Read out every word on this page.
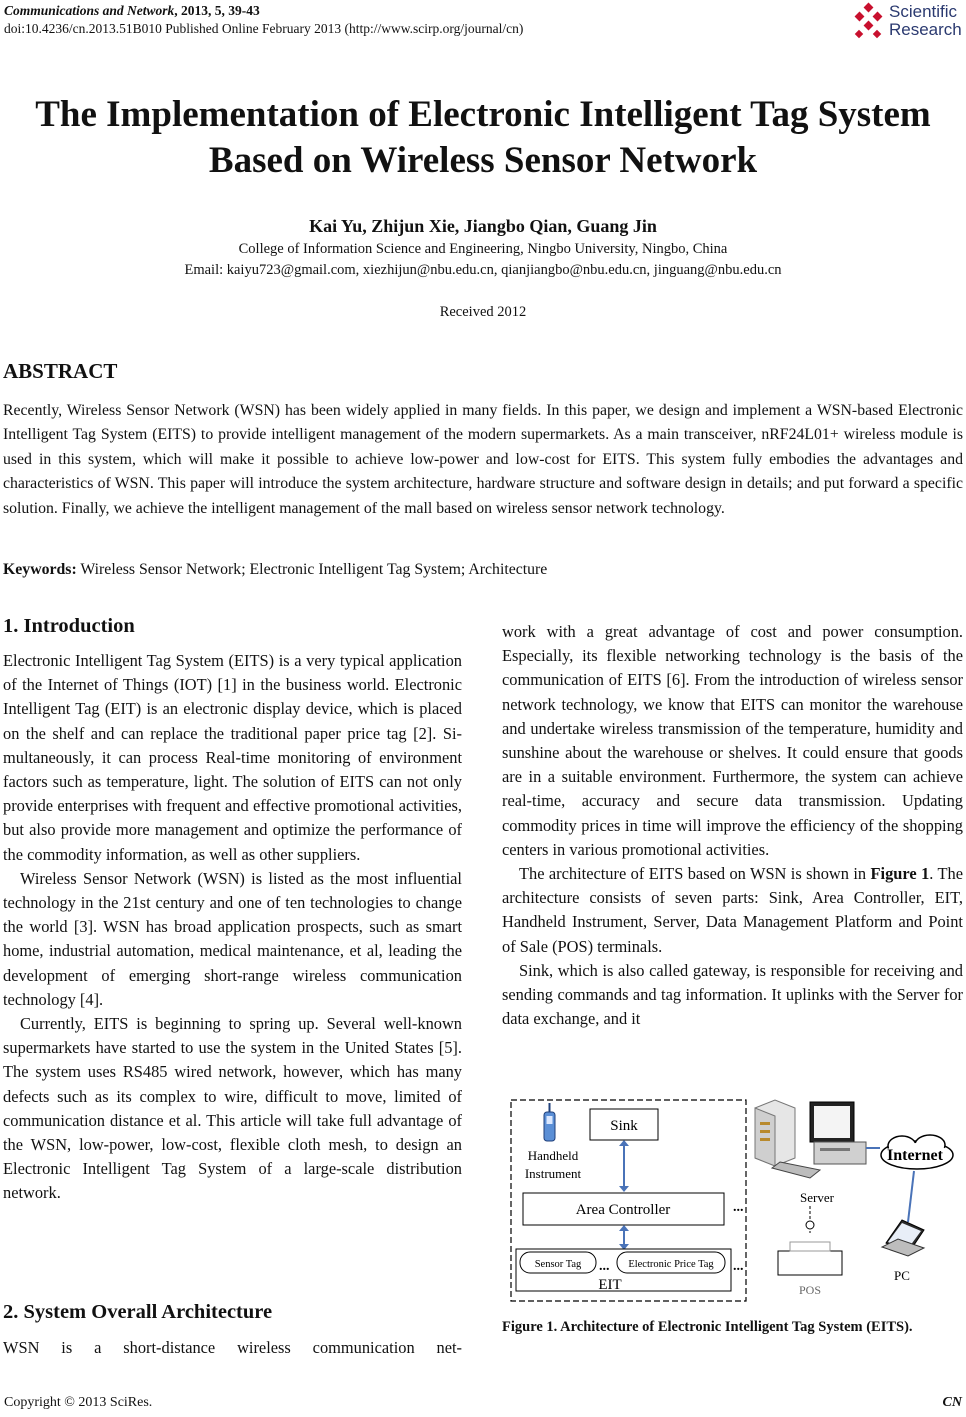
Communications and Network, 2013, 5, 39-43
doi:10.4236/cn.2013.51B010 Published Online February 2013 (http://www.scirp.org/journal/cn)
Scientific
Research
The Implementation of Electronic Intelligent Tag System
Based on Wireless Sensor Network
Kai Yu, Zhijun Xie, Jiangbo Qian, Guang Jin
College of Information Science and Engineering, Ningbo University, Ningbo, China
Email: kaiyu723@gmail.com, xiezhijun@nbu.edu.cn, qianjiangbo@nbu.edu.cn, jinguang@nbu.edu.cn
Received 2012
ABSTRACT
Recently, Wireless Sensor Network (WSN) has been widely applied in many fields. In this paper, we design and implement a WSN-based Electronic Intelligent Tag System (EITS) to provide intelligent management of the modern supermarkets. As a main transceiver, nRF24L01+ wireless module is used in this system, which will make it possible to achieve low-power and low-cost for EITS. This system fully embodies the advantages and characteristics of WSN. This paper will introduce the system architecture, hardware structure and software design in details; and put forward a specific solution. Finally, we achieve the intelligent management of the mall based on wireless sensor network technology.
Keywords: Wireless Sensor Network; Electronic Intelligent Tag System; Architecture
1. Introduction

Electronic Intelligent Tag System (EITS) is a very typical application of the Internet of Things (IOT) [1] in the business world. Electronic Intelligent Tag (EIT) is an electronic display device, which is placed on the shelf and can replace the traditional paper price tag [2]. Simultaneously, it can process Real-time monitoring of environment factors such as temperature, light. The solution of EITS can not only provide enterprises with frequent and effective promotional activities, but also provide more management and optimize the performance of the commodity information, as well as other suppliers.

Wireless Sensor Network (WSN) is listed as the most influential technology in the 21st century and one of ten technologies to change the world [3]. WSN has broad application prospects, such as smart home, industrial automation, medical maintenance, et al, leading the development of emerging short-range wireless communication technology [4].

Currently, EITS is beginning to spring up. Several well-known supermarkets have started to use the system in the United States [5]. The system uses RS485 wired network, however, which has many defects such as its complex to wire, difficult to move, limited of communication distance et al. This article will take full advantage of the WSN, low-power, low-cost, flexible cloth mesh, to design an Electronic Intelligent Tag System of a large-scale distribution network.

2. System Overall Architecture
WSN is a short-distance wireless communication net-

work with a great advantage of cost and power consumption. Especially, its flexible networking technology is the basis of the communication of EITS [6]. From the introduction of wireless sensor network technology, we know that EITS can monitor the warehouse and undertake wireless transmission of the temperature, humidity and sunshine about the warehouse or shelves. It could ensure that goods are in a suitable environment. Furthermore, the system can achieve real-time, accuracy and secure data transmission. Updating commodity prices in time will improve the efficiency of the shopping centers in various promotional activities.

The architecture of EITS based on WSN is shown in Figure 1. The architecture consists of seven parts: Sink, Area Controller, EIT, Handheld Instrument, Server, Data Management Platform and Point of Sale (POS) terminals.

Sink, which is also called gateway, is responsible for receiving and sending commands and tag information. It uplinks with the Server for data exchange, and it

Handheld
Instrument
Sink
Area Controller	...
Sensor Tag ... Electronic Price Tag
EIT
...
Server
Internet
PC
POS
Figure 1. Architecture of Electronic Intelligent Tag System (EITS).
Copyright © 2013 SciRes.	CN
